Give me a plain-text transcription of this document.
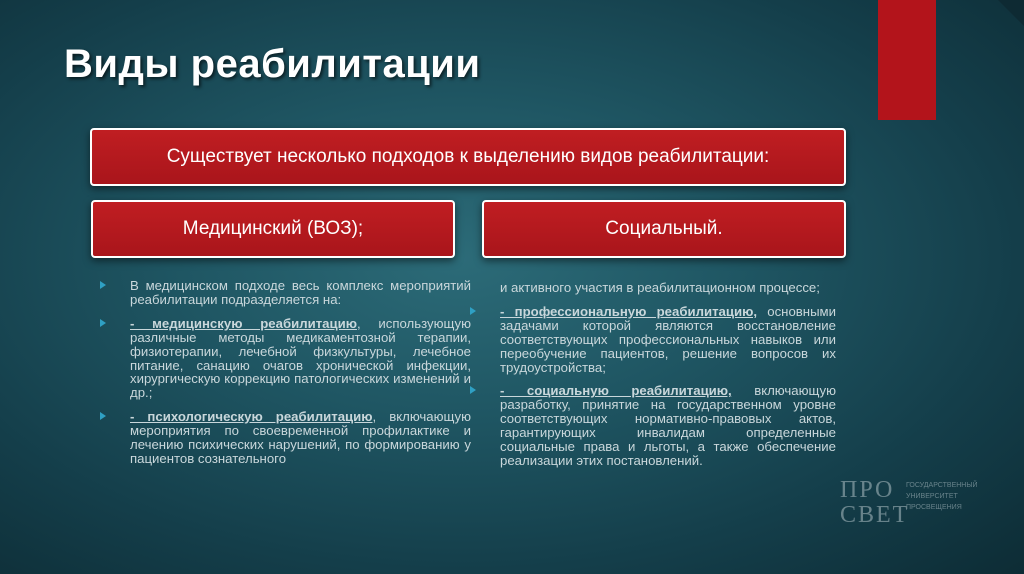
Виды реабилитации
Существует несколько подходов к выделению видов реабилитации:
Медицинский (ВОЗ);	Социальный.
В медицинском подходе весь комплекс мероприятий реабилитации подразделяется на:
- медицинскую реабилитацию, использующую различные методы медикаментозной терапии, физиотерапии, лечебной физкультуры, лечебное питание, санацию очагов хронической инфекции, хирургическую коррекцию патологических изменений и др.;
- психологическую реабилитацию, включающую мероприятия по своевременной профилактике и лечению психических нарушений, по формированию у пациентов сознательного
и активного участия в реабилитационном процессе;
- профессиональную реабилитацию, основными задачами которой являются восстановление соответствующих профессиональных навыков или переобучение пациентов, решение вопросов их трудоустройства;
- социальную реабилитацию, включающую разработку, принятие на государственном уровне соответствующих нормативно-правовых актов, гарантирующих инвалидам определенные социальные права и льготы, а также обеспечение реализации этих постановлений.
ПРО
СВЕТ
ГОСУДАРСТВЕННЫЙ
УНИВЕРСИТЕТ
ПРОСВЕЩЕНИЯ
